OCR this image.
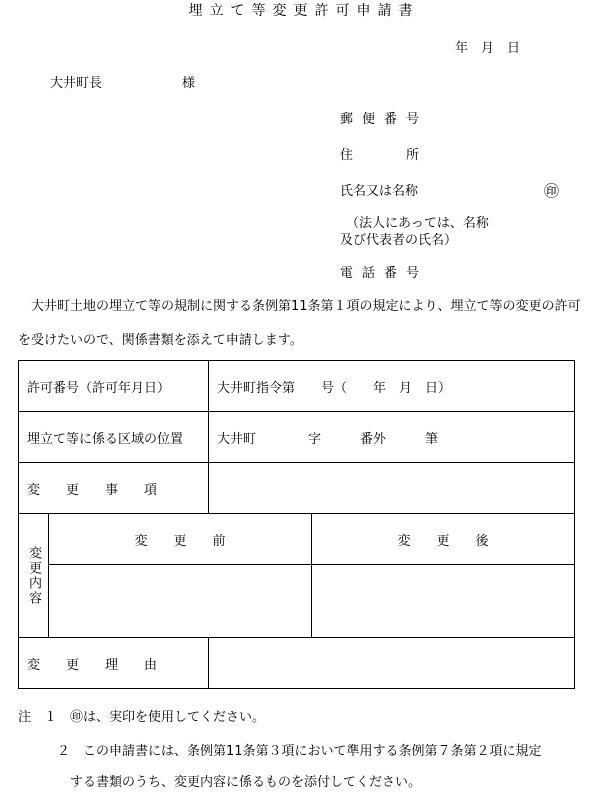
埋立て等変更許可申請書
年　月　日
大井町長	様
郵便番号
住　　所
氏名又は名称	㊞
（法人にあっては、名称
及び代表者の氏名）
電話番号
大井町土地の埋立て等の規制に関する条例第11条第１項の規定により、埋立て等の変更の許可を受けたいので、関係書類を添えて申請します。
許可番号（許可年月日）		大井町指令第　　号（　　年　月　日）	
埋立て等に係る区域の位置		大井町　　　　字　　　番外　　　筆	
変　　更　　事　　項			
変更内容	変　　更　　前		変　　更　　後

変　　更　　理　　由			
注　１　㊞は、実印を使用してください。
　　　２　この申請書には、条例第11条第３項において準用する条例第７条第２項に規定
　　　　する書類のうち、変更内容に係るものを添付してください。
